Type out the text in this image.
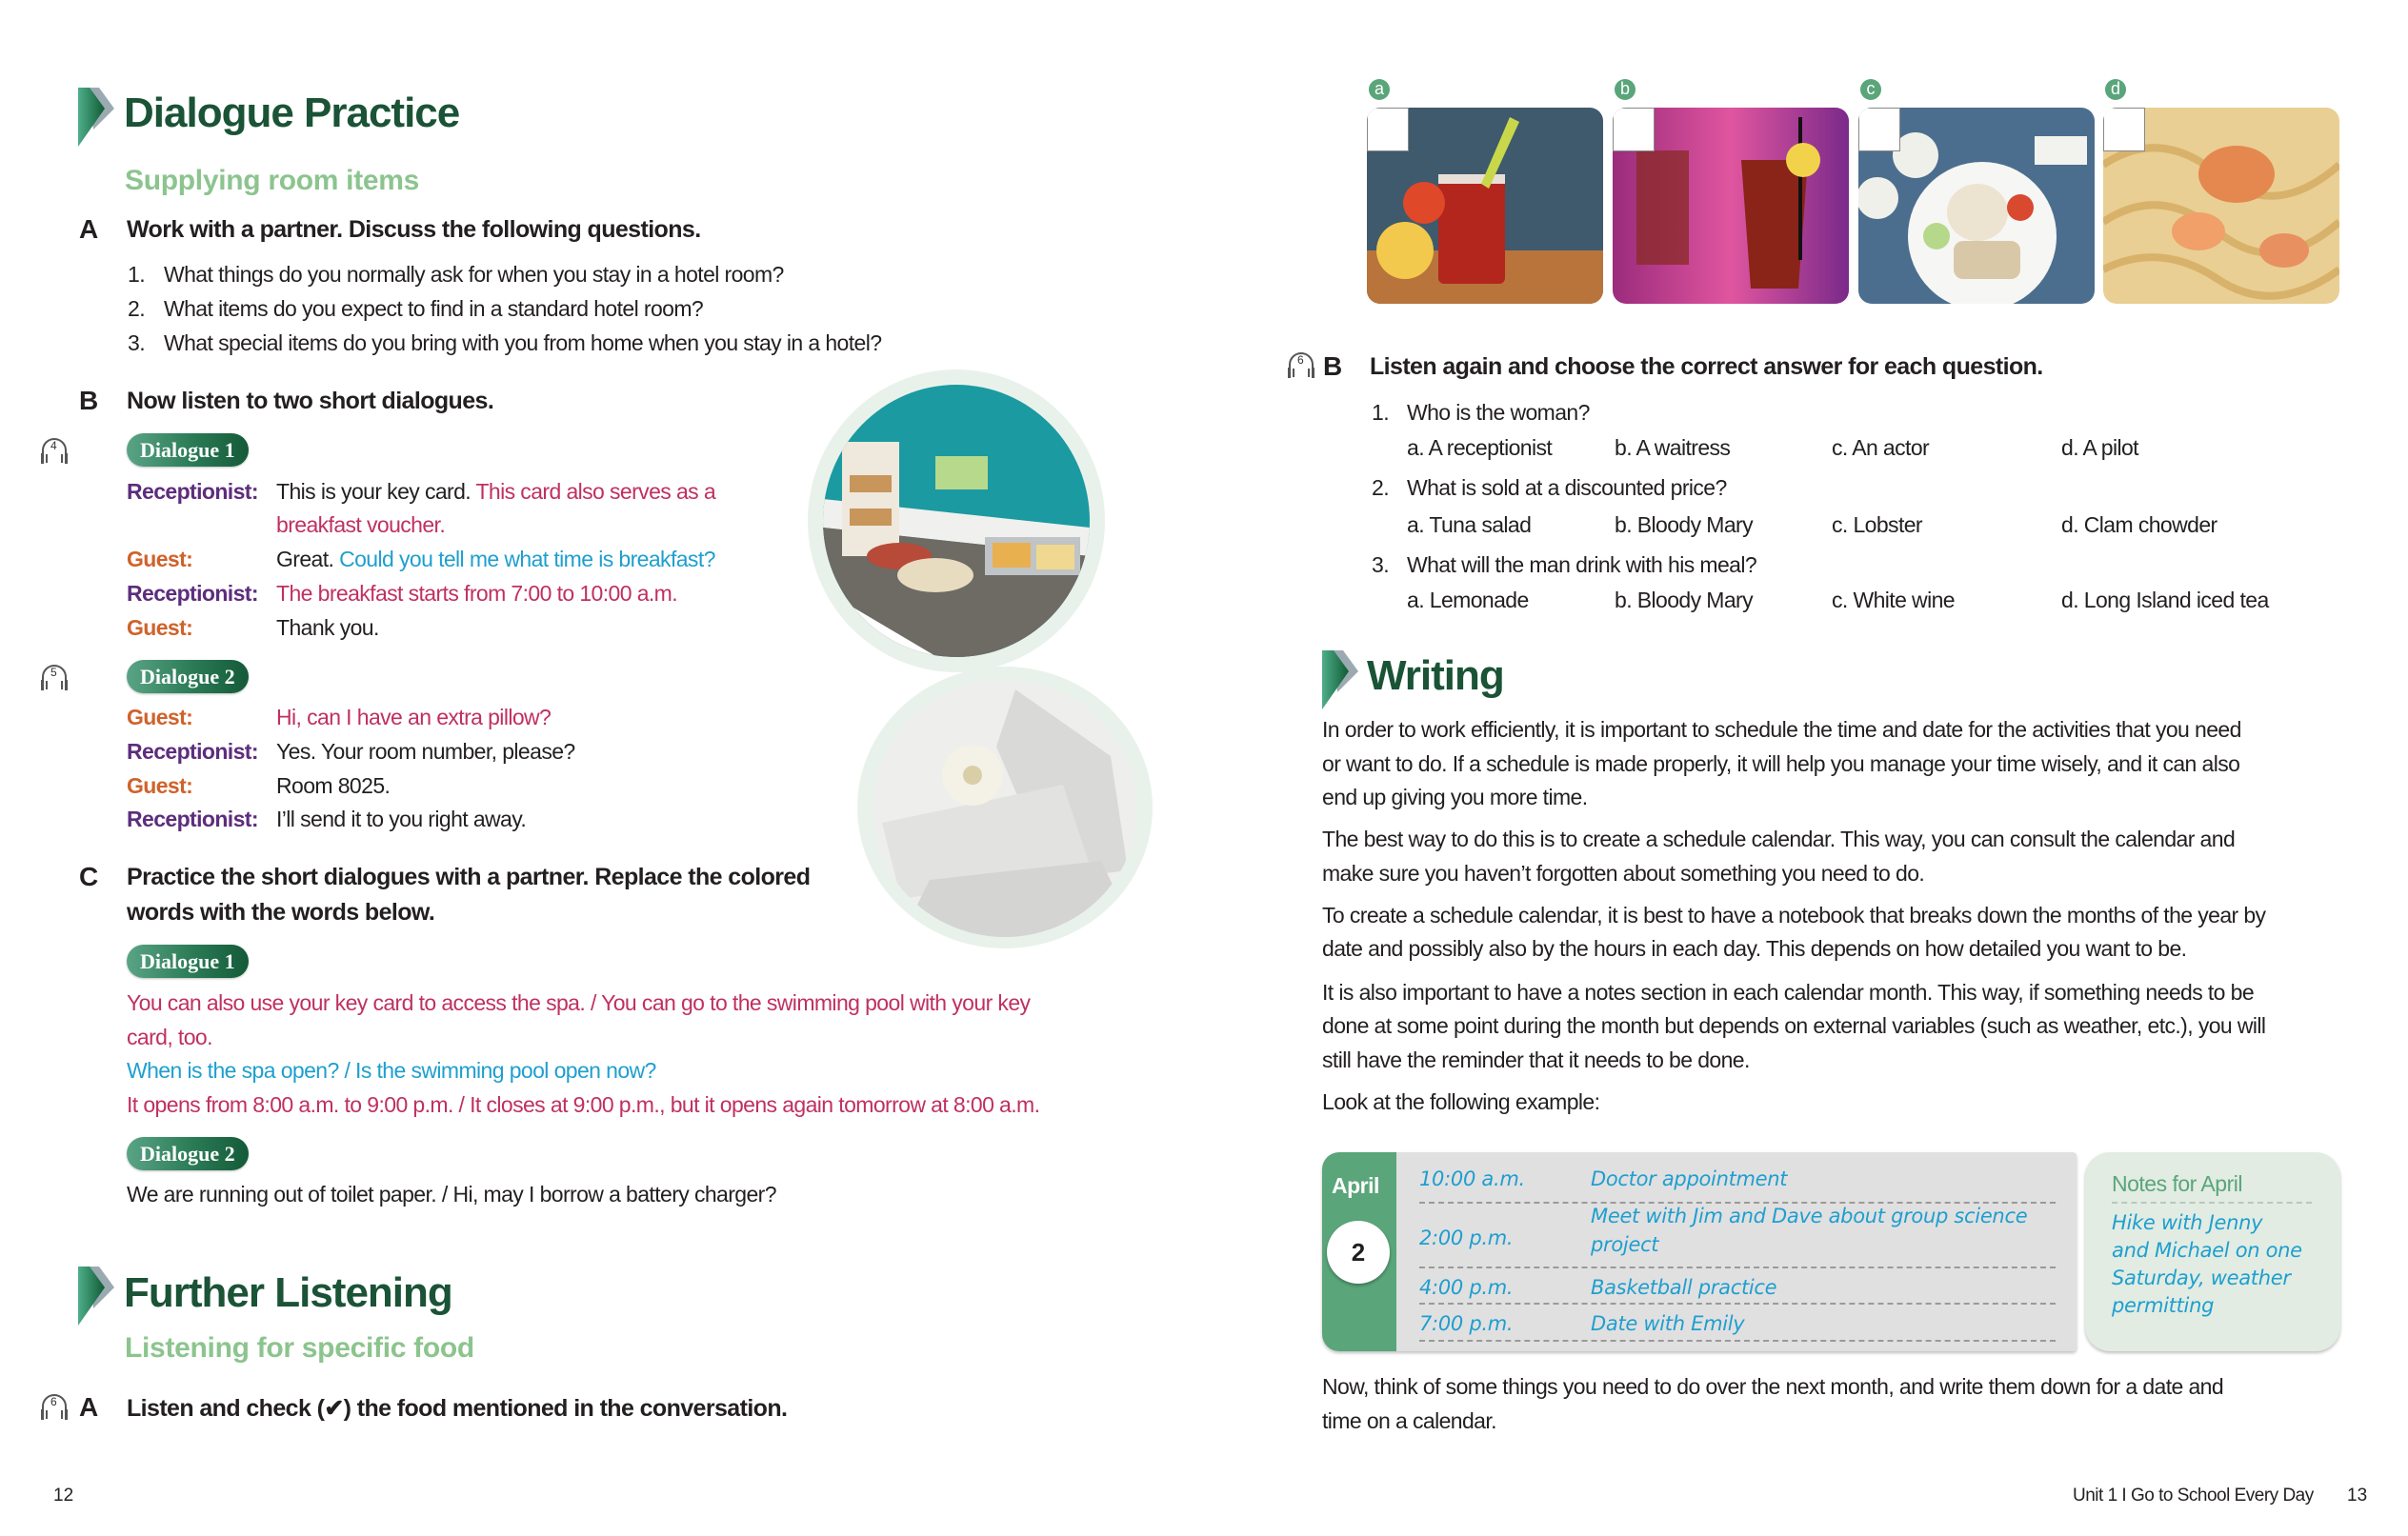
Dialogue Practice
Supplying room items
A Work with a partner. Discuss the following questions.
1. What things do you normally ask for when you stay in a hotel room?
2. What items do you expect to find in a standard hotel room?
3. What special items do you bring with you from home when you stay in a hotel?
B Now listen to two short dialogues.
4	Dialogue 1
Receptionist: This is your key card. This card also serves as a
breakfast voucher.
Guest:	Great. Could you tell me what time is breakfast?
Receptionist: The breakfast starts from 7:00 to 10:00 a.m.
Guest:	Thank you.
5	Dialogue 2
Guest:	Hi, can I have an extra pillow?
Receptionist: Yes. Your room number, please?
Guest:	Room 8025.
Receptionist: I’ll send it to you right away.
C Practice the short dialogues with a partner. Replace the colored
words with the words below.
Dialogue 1
You can also use your key card to access the spa. / You can go to the swimming pool with your key
card, too.
When is the spa open? / Is the swimming pool open now?
It opens from 8:00 a.m. to 9:00 p.m. / It closes at 9:00 p.m., but it opens again tomorrow at 8:00 a.m.
Dialogue 2
We are running out of toilet paper. / Hi, may I borrow a battery charger?
Further Listening
Listening for specific food
6 A Listen and check (✔) the food mentioned in the conversation.
12
a	b	c	d
6 B Listen again and choose the correct answer for each question.
1. Who is the woman?
a. A receptionist	b. A waitress	c. An actor	d. A pilot
2. What is sold at a discounted price?
a. Tuna salad	b. Bloody Mary	c. Lobster	d. Clam chowder
3. What will the man drink with his meal?
a. Lemonade	b. Bloody Mary	c. White wine	d. Long Island iced tea
Writing
In order to work efficiently, it is important to schedule the time and date for the activities that you need
or want to do. If a schedule is made properly, it will help you manage your time wisely, and it can also
end up giving you more time.
The best way to do this is to create a schedule calendar. This way, you can consult the calendar and
make sure you haven’t forgotten about something you need to do.
To create a schedule calendar, it is best to have a notebook that breaks down the months of the year by
date and possibly also by the hours in each day. This depends on how detailed you want to be.
It is also important to have a notes section in each calendar month. This way, if something needs to be
done at some point during the month but depends on external variables (such as weather, etc.), you will
still have the reminder that it needs to be done.
Look at the following example:
April
2
10:00 a.m.	Doctor appointment
2:00 p.m.
Meet with Jim and Dave about group science
project
4:00 p.m.	Basketball practice
7:00 p.m.	Date with Emily
Notes for April
Hike with Jenny
and Michael on one
Saturday, weather
permitting
Now, think of some things you need to do over the next month, and write them down for a date and
time on a calendar.
Unit 1 I Go to School Every Day 13
